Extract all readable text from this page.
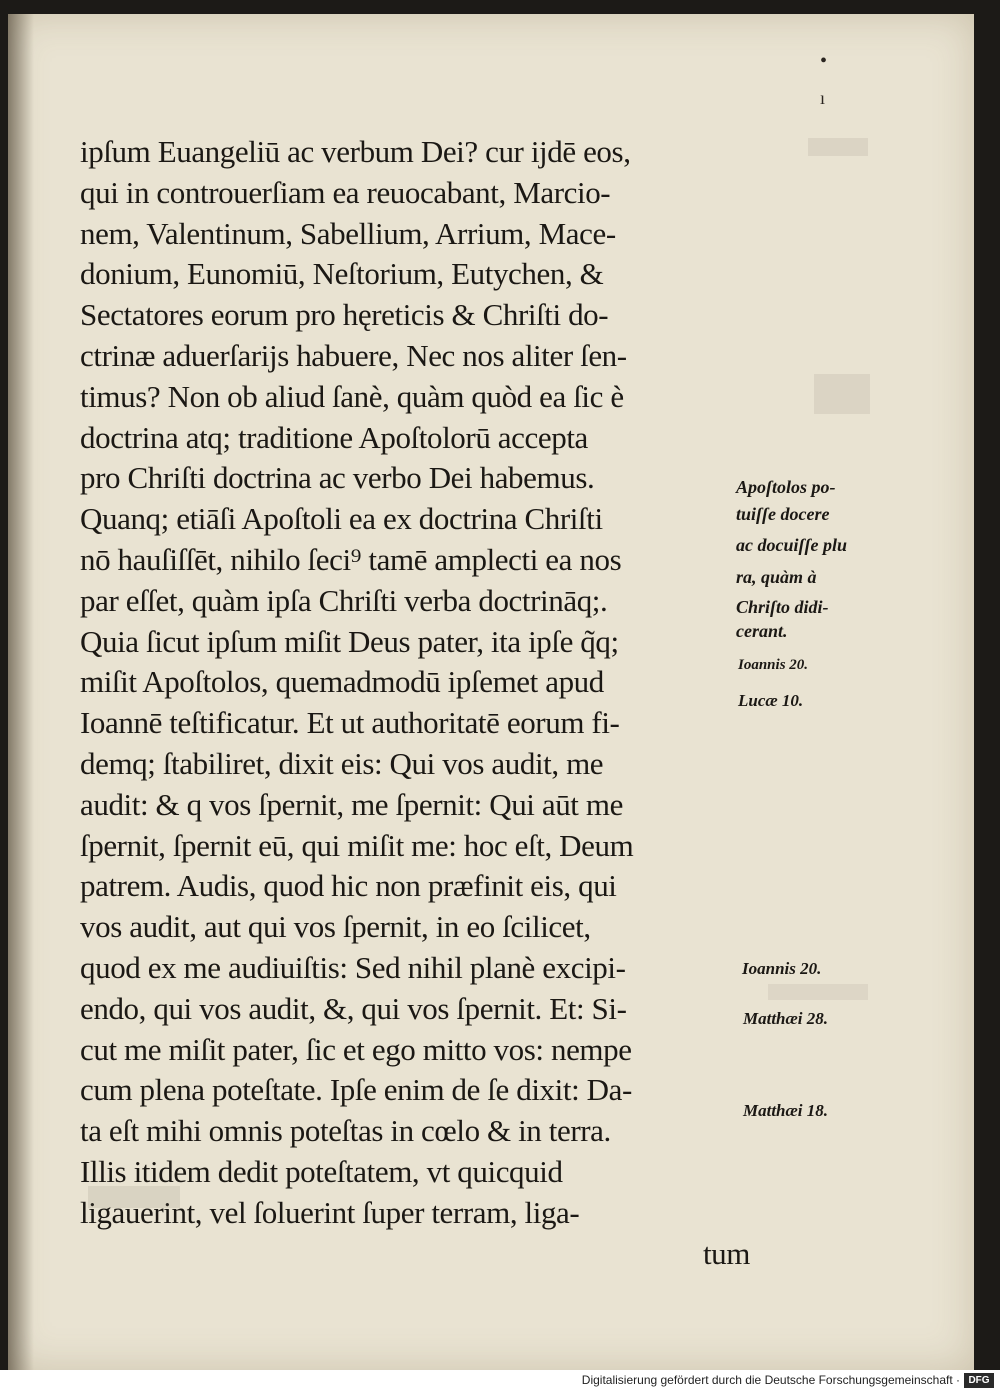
•
ı
ipſum Euangeliū ac verbum Dei? cur ijdē eos,
qui in controuerſiam ea reuocabant, Marcio-
nem, Valentinum, Sabellium, Arrium, Mace-
donium, Eunomiū, Neſtorium, Eutychen, &
Sectatores eorum pro hęreticis & Chriſti do-
ctrinæ aduerſarijs habuere, Nec nos aliter ſen-
timus? Non ob aliud ſanè, quàm quòd ea ſic è
doctrina atq; traditione Apoſtolorū accepta
pro Chriſti doctrina ac verbo Dei habemus.
Quanq; etiāſi Apoſtoli ea ex doctrina Chriſti
nō hauſiſſēt, nihilo ſeci⁹ tamē amplecti ea nos
par eſſet, quàm ipſa Chriſti verba doctrināq;.
Quia ſicut ipſum miſit Deus pater, ita ipſe q̃q;
miſit Apoſtolos, quemadmodū ipſemet apud
Ioannē teſtificatur. Et ut authoritatē eorum fi-
demq; ſtabiliret, dixit eis: Qui vos audit, me
audit: & q vos ſpernit, me ſpernit: Qui aūt me
ſpernit, ſpernit eū, qui miſit me: hoc eſt, Deum
patrem. Audis, quod hic non præfinit eis, qui
vos audit, aut qui vos ſpernit, in eo ſcilicet,
quod ex me audiuiſtis: Sed nihil planè excipi-
endo, qui vos audit, &, qui vos ſpernit. Et: Si-
cut me miſit pater, ſic et ego mitto vos: nempe
cum plena poteſtate. Ipſe enim de ſe dixit: Da-
ta eſt mihi omnis poteſtas in cœlo & in terra.
Illis itidem dedit poteſtatem, vt quicquid
ligauerint, vel ſoluerint ſuper terram, liga-
tum
Apoſtolos po-
tuiſſe docere
ac docuiſſe plu
ra, quàm à
Chriſto didi-
cerant.
Ioannis 20.
Lucæ 10.
Ioannis 20.
Matthæi 28.
Matthæi 18.
Digitalisierung gefördert durch die Deutsche Forschungsgemeinschaft · DFG
